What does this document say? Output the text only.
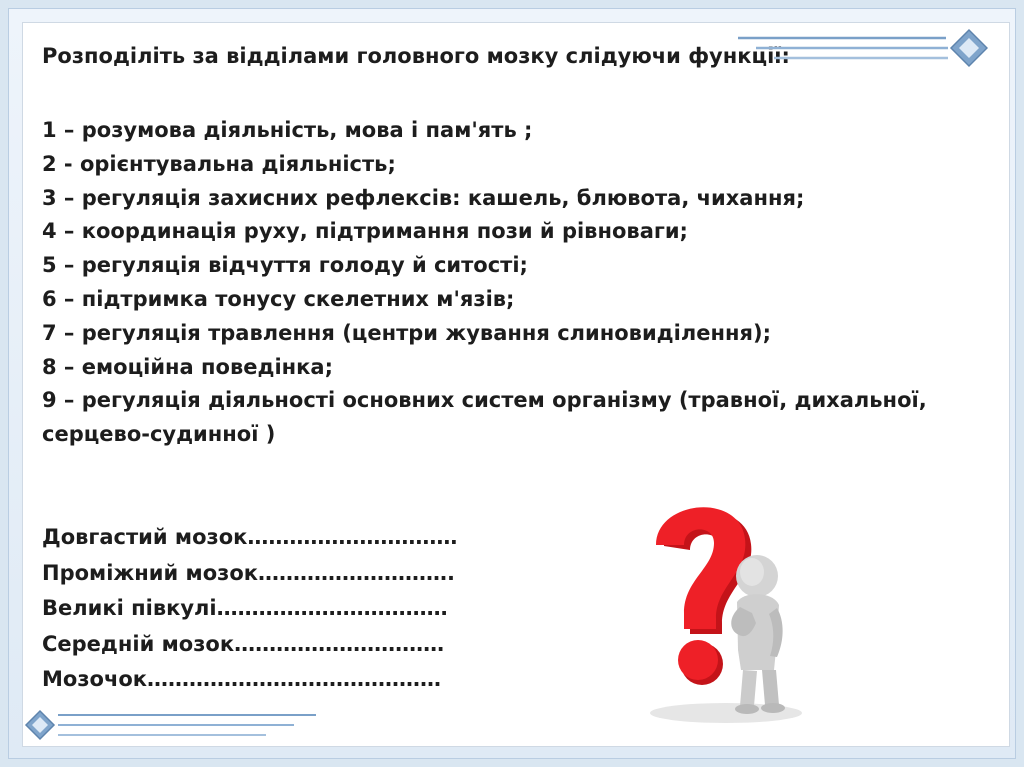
Розподіліть за відділами головного мозку слідуючи функції:
1 – розумова діяльність, мова і пам'ять ;
2 - орієнтувальна діяльність;
3 – регуляція захисних рефлексів: кашель, блювота, чихання;
4 – координація руху, підтримання пози й рівноваги;
5 – регуляція відчуття голоду й ситості;
6 – підтримка тонусу скелетних м'язів;
7 – регуляція травлення (центри жування слиновиділення);
8 – емоційна поведінка;
9 – регуляція діяльності основних систем організму (травної, дихальної, серцево-судинної )
Довгастий мозок…………………………
Проміжний мозок……………………….
Великі півкулі……………………………
Середній мозок…………………………
Мозочок……………………………………
